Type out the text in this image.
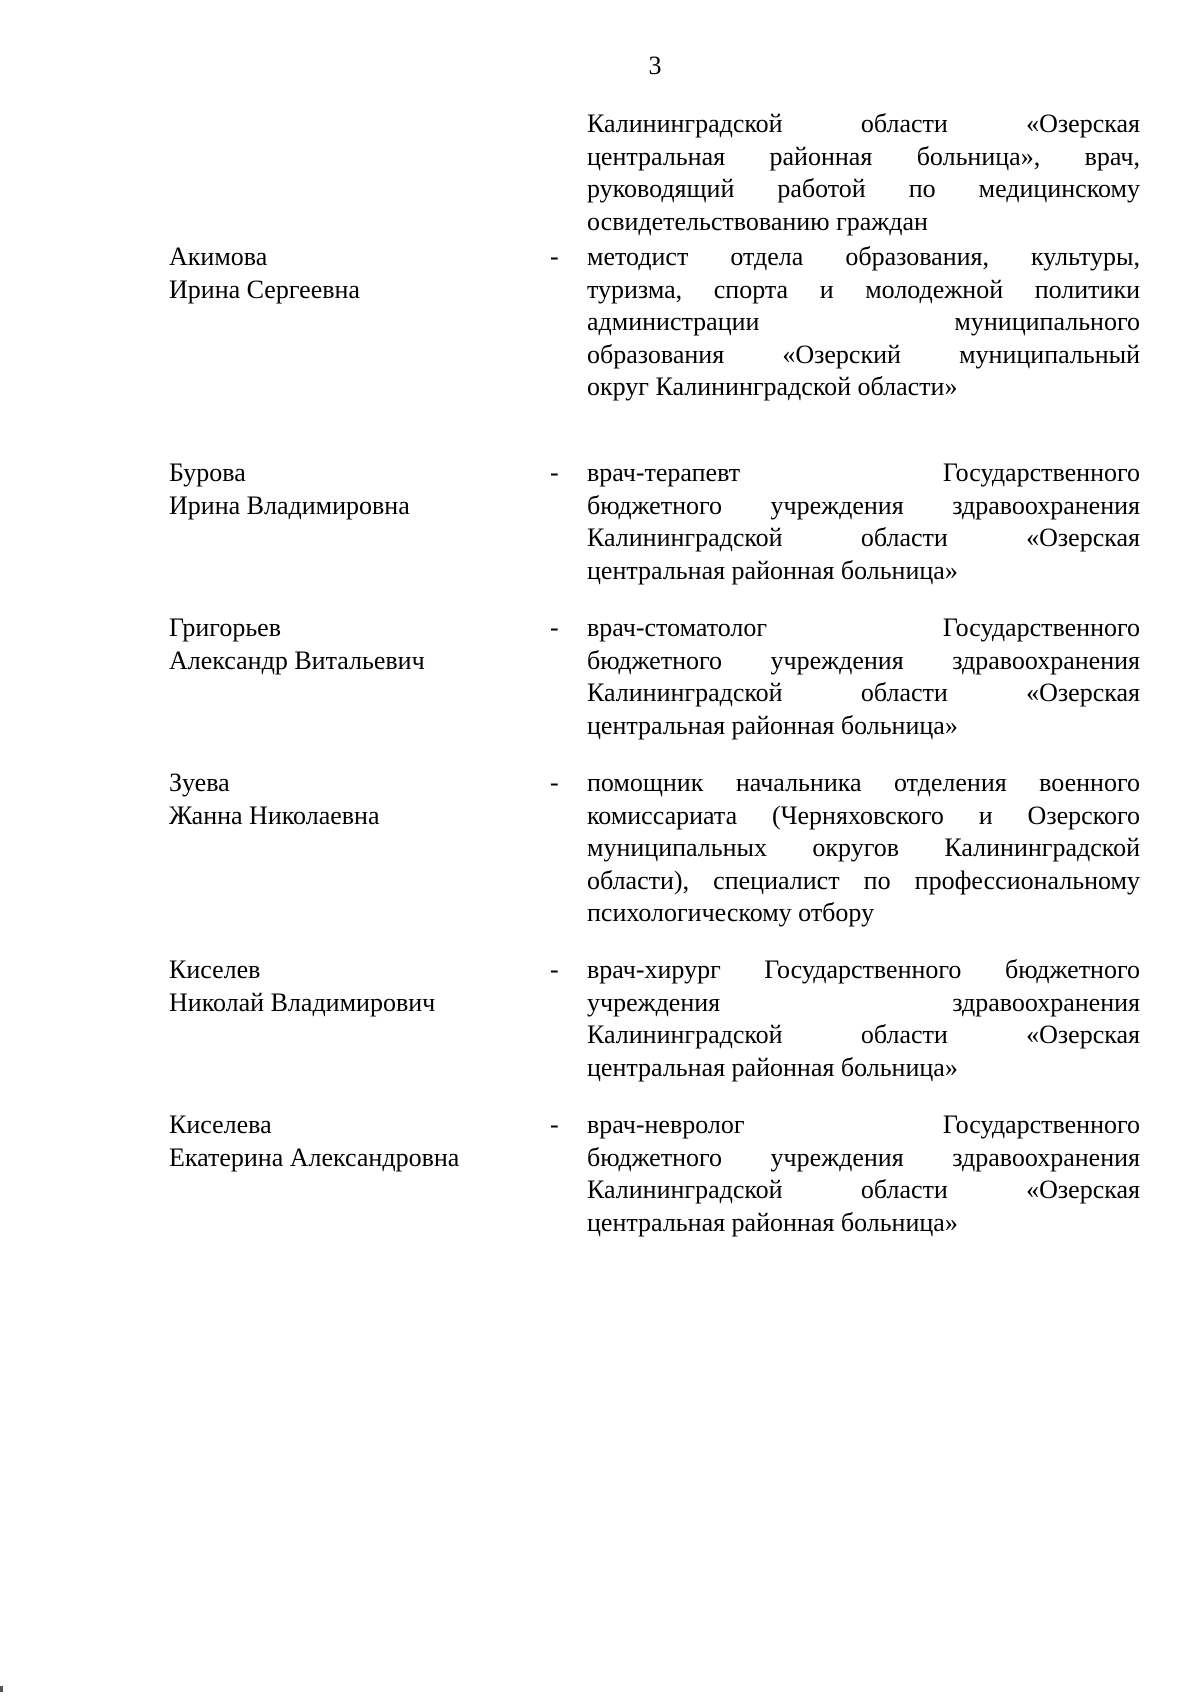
3
Калининградской области «Озерская
центральная районная больница», врач,
руководящий работой по медицинскому
освидетельствованию граждан
Акимова
Ирина Сергеевна
- методист отдела образования, культуры,
туризма, спорта и молодежной политики
администрации муниципального
образования «Озерский муниципальный
округ Калининградской области»
Бурова
Ирина Владимировна
- врач-терапевт Государственного
бюджетного учреждения здравоохранения
Калининградской области «Озерская
центральная районная больница»
Григорьев
Александр Витальевич
- врач-стоматолог Государственного
бюджетного учреждения здравоохранения
Калининградской области «Озерская
центральная районная больница»
Зуева
Жанна Николаевна
- помощник начальника отделения военного
комиссариата (Черняховского и Озерского
муниципальных округов Калининградской
области), специалист по профессиональному
психологическому отбору
Киселев
Николай Владимирович
- врач-хирург Государственного бюджетного
учреждения здравоохранения
Калининградской области «Озерская
центральная районная больница»
Киселева
Екатерина Александровна
- врач-невролог Государственного
бюджетного учреждения здравоохранения
Калининградской области «Озерская
центральная районная больница»
